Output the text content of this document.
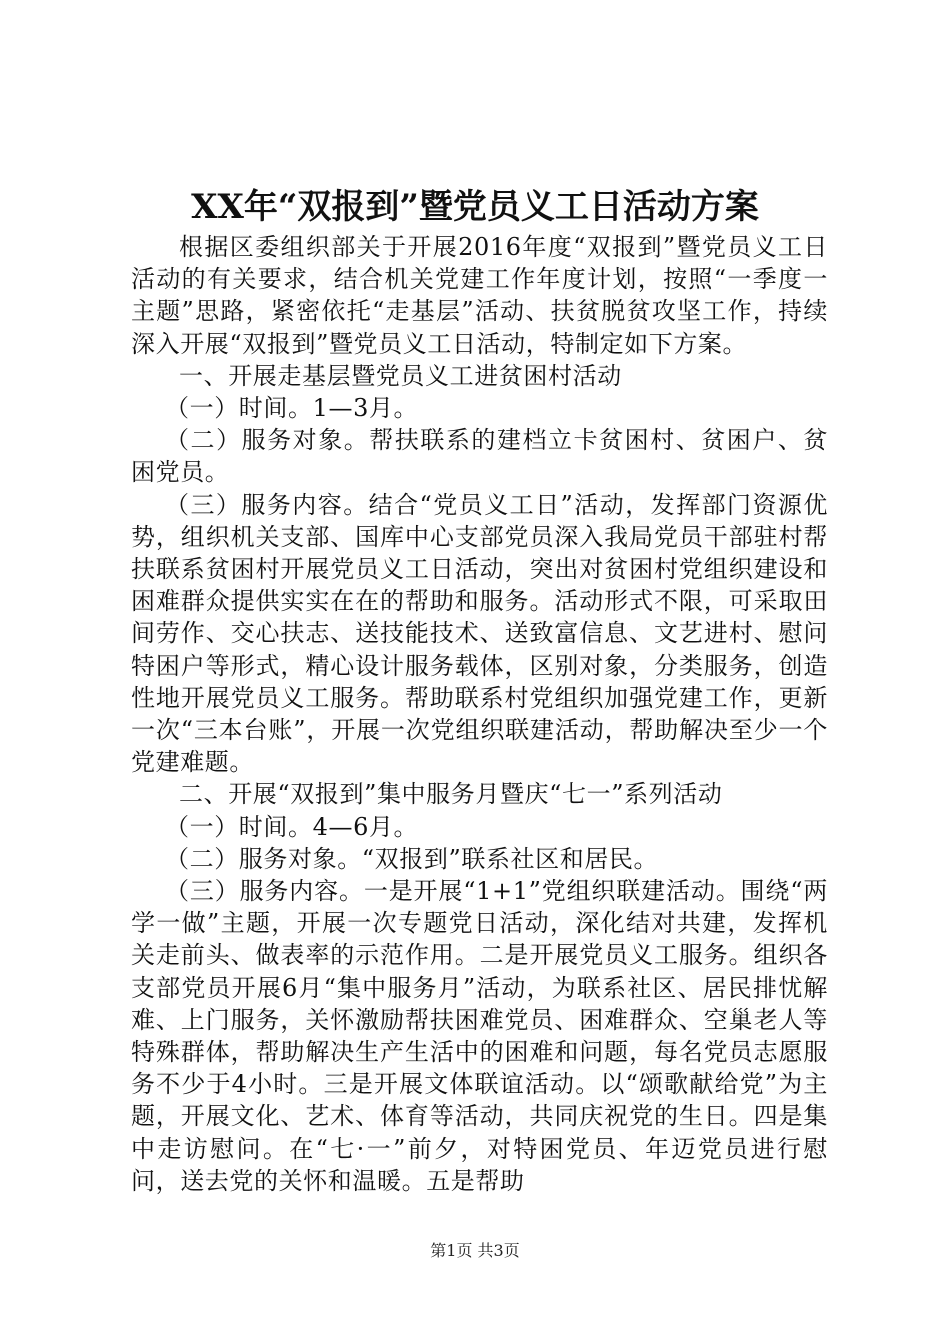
XX年“双报到”暨党员义工日活动方案

根据区委组织部关于开展2016年度“双报到”暨党员义工日活动的有关要求，结合机关党建工作年度计划，按照“一季度一主题”思路，紧密依托“走基层”活动、扶贫脱贫攻坚工作，持续深入开展“双报到”暨党员义工日活动，特制定如下方案。

一、开展走基层暨党员义工进贫困村活动

（一）时间。1—3月。

（二）服务对象。帮扶联系的建档立卡贫困村、贫困户、贫困党员。

（三）服务内容。结合“党员义工日”活动，发挥部门资源优势，组织机关支部、国库中心支部党员深入我局党员干部驻村帮扶联系贫困村开展党员义工日活动，突出对贫困村党组织建设和困难群众提供实实在在的帮助和服务。活动形式不限，可采取田间劳作、交心扶志、送技能技术、送致富信息、文艺进村、慰问特困户等形式，精心设计服务载体，区别对象，分类服务，创造性地开展党员义工服务。帮助联系村党组织加强党建工作，更新一次“三本台账”，开展一次党组织联建活动，帮助解决至少一个党建难题。

二、开展“双报到”集中服务月暨庆“七一”系列活动

（一）时间。4—6月。

（二）服务对象。“双报到”联系社区和居民。

（三）服务内容。一是开展“1+1”党组织联建活动。围绕“两学一做”主题，开展一次专题党日活动，深化结对共建，发挥机关走前头、做表率的示范作用。二是开展党员义工服务。组织各支部党员开展6月“集中服务月”活动，为联系社区、居民排忧解难、上门服务，关怀激励帮扶困难党员、困难群众、空巢老人等特殊群体，帮助解决生产生活中的困难和问题，每名党员志愿服务不少于4小时。三是开展文体联谊活动。以“颂歌献给党”为主题，开展文化、艺术、体育等活动，共同庆祝党的生日。四是集中走访慰问。在“七·一”前夕，对特困党员、年迈党员进行慰问，送去党的关怀和温暖。五是帮助

第1页 共3页
